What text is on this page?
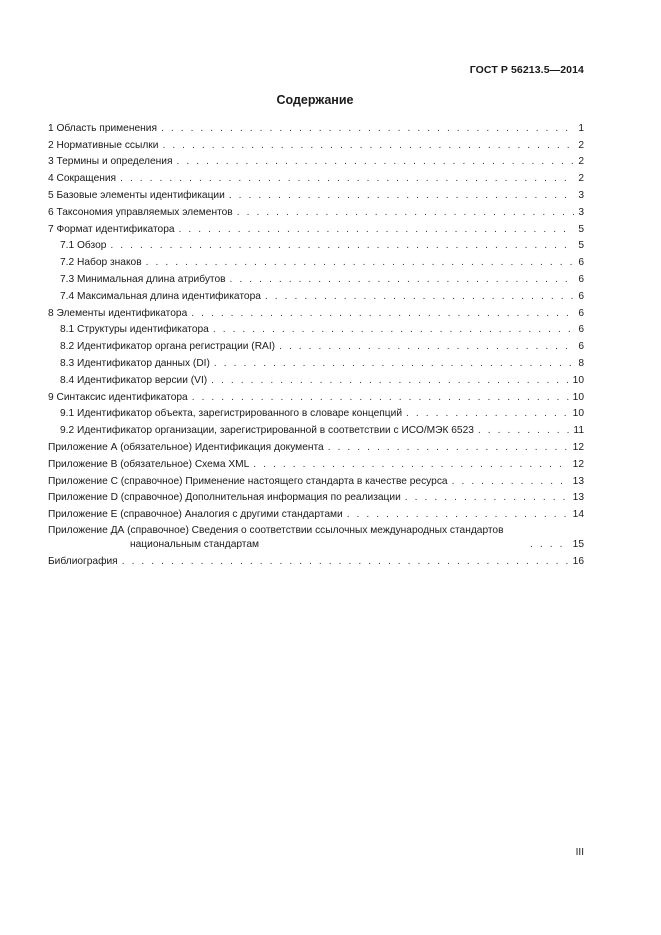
ГОСТ Р 56213.5—2014
Содержание
1 Область применения . . .	1
2 Нормативные ссылки . . .	2
3 Термины и определения . . .	2
4 Сокращения . . .	2
5 Базовые элементы идентификации . . .	3
6 Таксономия управляемых элементов . . .	3
7 Формат идентификатора . . .	5
7.1 Обзор . . .	5
7.2 Набор знаков . . .	6
7.3 Минимальная длина атрибутов . . .	6
7.4 Максимальная длина идентификатора . . .	6
8 Элементы идентификатора . . .	6
8.1 Структуры идентификатора . . .	6
8.2 Идентификатор органа регистрации (RAI) . . .	6
8.3 Идентификатор данных (DI) . . .	8
8.4 Идентификатор версии (VI) . . .	10
9 Синтаксис идентификатора . . .	10
9.1 Идентификатор объекта, зарегистрированного в словаре концепций . . .	10
9.2 Идентификатор организации, зарегистрированной в соответствии с ИСО/МЭК 6523 . . .	11
Приложение А (обязательное) Идентификация документа . . .	12
Приложение В (обязательное) Схема XML . . .	12
Приложение С (справочное) Применение настоящего стандарта в качестве ресурса . . .	13
Приложение D (справочное) Дополнительная информация по реализации . . .	13
Приложение Е (справочное) Аналогия с другими стандартами . . .	14
Приложение ДА (справочное) Сведения о соответствии ссылочных международных стандартов
национальным стандартам . . .	15
Библиография . . .	16
III
